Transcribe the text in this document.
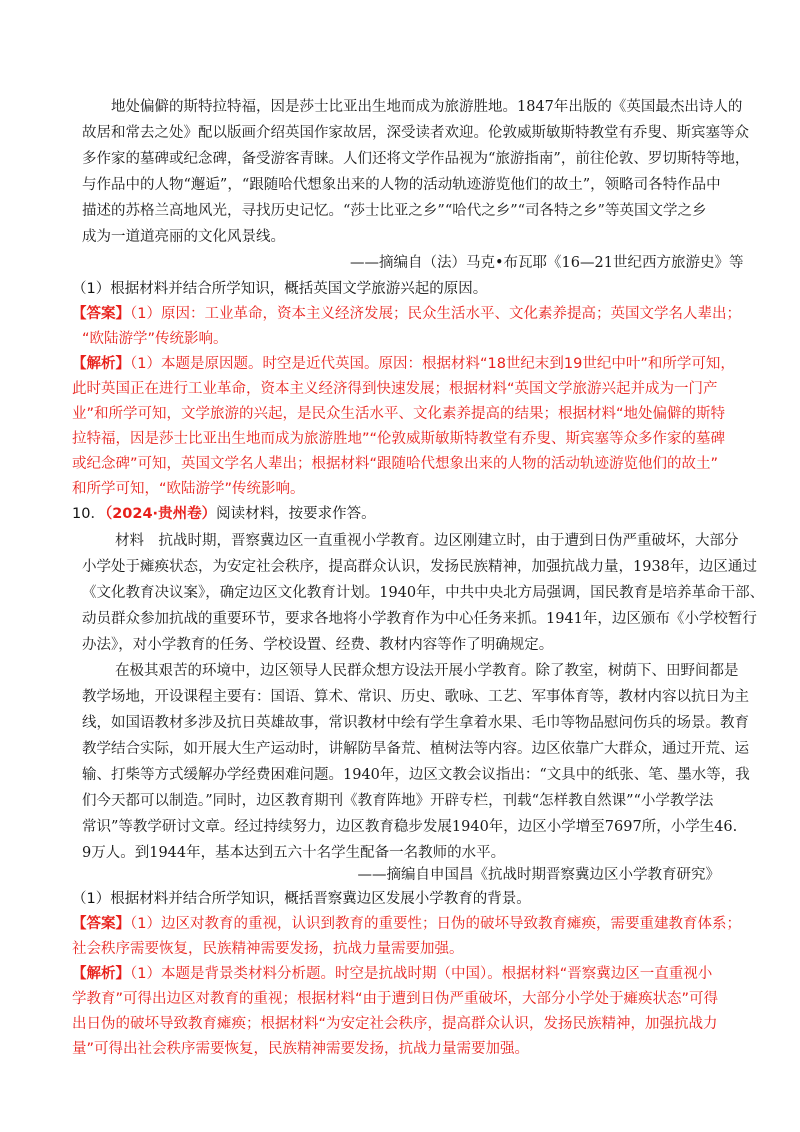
地处偏僻的斯特拉特福，因是莎士比亚出生地而成为旅游胜地。1847年出版的《英国最杰出诗人的
故居和常去之处》配以版画介绍英国作家故居，深受读者欢迎。伦敦威斯敏斯特教堂有乔叟、斯宾塞等众
多作家的墓碑或纪念碑，备受游客青睐。人们还将文学作品视为“旅游指南”，前往伦敦、罗切斯特等地，
与作品中的人物“邂逅”，“跟随哈代想象出来的人物的活动轨迹游览他们的故土”，领略司各特作品中
描述的苏格兰高地风光，寻找历史记忆。“莎士比亚之乡”“哈代之乡”“司各特之乡”等英国文学之乡
成为一道道亮丽的文化风景线。
——摘编自（法）马克•布瓦耶《16—21世纪西方旅游史》等
（1）根据材料并结合所学知识，概括英国文学旅游兴起的原因。
【答案】（1）原因：工业革命，资本主义经济发展；民众生活水平、文化素养提高；英国文学名人辈出；
“欧陆游学”传统影响。
【解析】（1）本题是原因题。时空是近代英国。原因：根据材料“18世纪末到19世纪中叶”和所学可知，
此时英国正在进行工业革命，资本主义经济得到快速发展；根据材料“英国文学旅游兴起并成为一门产
业”和所学可知，文学旅游的兴起，是民众生活水平、文化素养提高的结果；根据材料“地处偏僻的斯特
拉特福，因是莎士比亚出生地而成为旅游胜地”“伦敦威斯敏斯特教堂有乔叟、斯宾塞等众多作家的墓碑
或纪念碑”可知，英国文学名人辈出；根据材料“跟随哈代想象出来的人物的活动轨迹游览他们的故土”
和所学可知，“欧陆游学”传统影响。
10．（2024·贵州卷）阅读材料，按要求作答。
材料　抗战时期，晋察冀边区一直重视小学教育。边区刚建立时，由于遭到日伪严重破坏，大部分
小学处于瘫痪状态，为安定社会秩序，提高群众认识，发扬民族精神，加强抗战力量，1938年，边区通过
《文化教育决议案》，确定边区文化教育计划。1940年，中共中央北方局强调，国民教育是培养革命干部、
动员群众参加抗战的重要环节，要求各地将小学教育作为中心任务来抓。1941年，边区颁布《小学校暂行
办法》，对小学教育的任务、学校设置、经费、教材内容等作了明确规定。
在极其艰苦的环境中，边区领导人民群众想方设法开展小学教育。除了教室，树荫下、田野间都是
教学场地，开设课程主要有：国语、算术、常识、历史、歌咏、工艺、军事体育等，教材内容以抗日为主
线，如国语教材多涉及抗日英雄故事，常识教材中绘有学生拿着水果、毛巾等物品慰问伤兵的场景。教育
教学结合实际，如开展大生产运动时，讲解防旱备荒、植树法等内容。边区依靠广大群众，通过开荒、运
输、打柴等方式缓解办学经费困难问题。1940年，边区文教会议指出：“文具中的纸张、笔、墨水等，我
们今天都可以制造。”同时，边区教育期刊《教育阵地》开辟专栏，刊载“怎样教自然课”“小学教学法
常识”等教学研讨文章。经过持续努力，边区教育稳步发展1940年，边区小学增至7697所，小学生46.
9万人。到1944年，基本达到五六十名学生配备一名教师的水平。
——摘编自申国昌《抗战时期晋察冀边区小学教育研究》
（1）根据材料并结合所学知识，概括晋察冀边区发展小学教育的背景。
【答案】（1）边区对教育的重视，认识到教育的重要性；日伪的破坏导致教育瘫痪，需要重建教育体系；
社会秩序需要恢复，民族精神需要发扬，抗战力量需要加强。
【解析】（1）本题是背景类材料分析题。时空是抗战时期（中国）。根据材料“晋察冀边区一直重视小
学教育”可得出边区对教育的重视；根据材料“由于遭到日伪严重破坏，大部分小学处于瘫痪状态”可得
出日伪的破坏导致教育瘫痪；根据材料“为安定社会秩序，提高群众认识，发扬民族精神，加强抗战力
量”可得出社会秩序需要恢复，民族精神需要发扬，抗战力量需要加强。
